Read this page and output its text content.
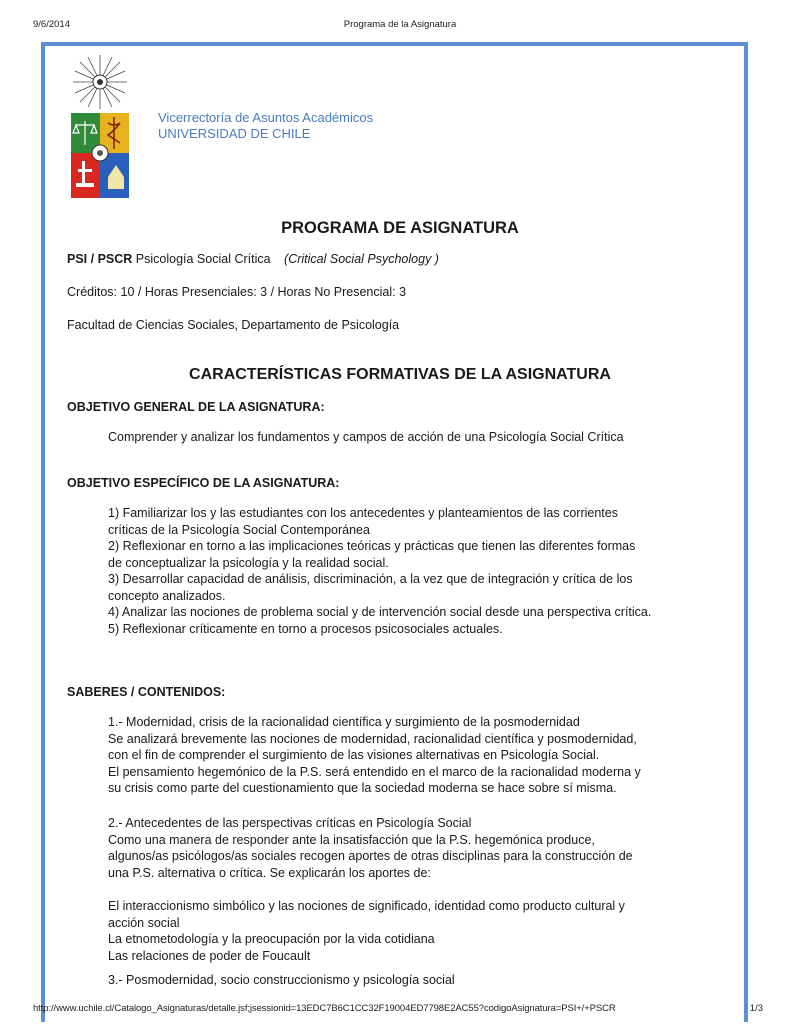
9/6/2014	Programa de la Asignatura
Vicerrectoría de Asuntos Académicos
UNIVERSIDAD DE CHILE
PROGRAMA DE ASIGNATURA
PSI / PSCR Psicología Social Crítica (Critical Social Psychology )
Créditos: 10 / Horas Presenciales: 3 / Horas No Presencial: 3
Facultad de Ciencias Sociales, Departamento de Psicología
CARACTERÍSTICAS FORMATIVAS DE LA ASIGNATURA
OBJETIVO GENERAL DE LA ASIGNATURA:
Comprender y analizar los fundamentos y campos de acción de una Psicología Social Crítica
OBJETIVO ESPECÍFICO DE LA ASIGNATURA:
1) Familiarizar los y las estudiantes con los antecedentes y planteamientos de las corrientes
críticas de la Psicología Social Contemporánea
2) Reflexionar en torno a las implicaciones teóricas y prácticas que tienen las diferentes formas
de conceptualizar la psicología y la realidad social.
3) Desarrollar capacidad de análisis, discriminación, a la vez que de integración y crítica de los
concepto analizados.
4) Analizar las nociones de problema social y de intervención social desde una perspectiva crítica.
5) Reflexionar críticamente en torno a procesos psicosociales actuales.
SABERES / CONTENIDOS:
1.- Modernidad, crisis de la racionalidad científica y surgimiento de la posmodernidad
Se analizará brevemente las nociones de modernidad, racionalidad científica y posmodernidad,
con el fin de comprender el surgimiento de las visiones alternativas en Psicología Social.
El pensamiento hegemónico de la P.S. será entendido en el marco de la racionalidad moderna y
su crisis como parte del cuestionamiento que la sociedad moderna se hace sobre sí misma.
2.- Antecedentes de las perspectivas críticas en Psicología Social
Como una manera de responder ante la insatisfacción que la P.S. hegemónica produce,
algunos/as psicólogos/as sociales recogen aportes de otras disciplinas para la construcción de
una P.S. alternativa o crítica. Se explicarán los aportes de:
El interaccionismo simbólico y las nociones de significado, identidad como producto cultural y
acción social
La etnometodología y la preocupación por la vida cotidiana
Las relaciones de poder de Foucault
3.- Posmodernidad, socio construccionismo y psicología social
http://www.uchile.cl/Catalogo_Asignaturas/detalle.jsf;jsessionid=13EDC7B6C1CC32F19004ED7798E2AC55?codigoAsignatura=PSI+/+PSCR	1/3
